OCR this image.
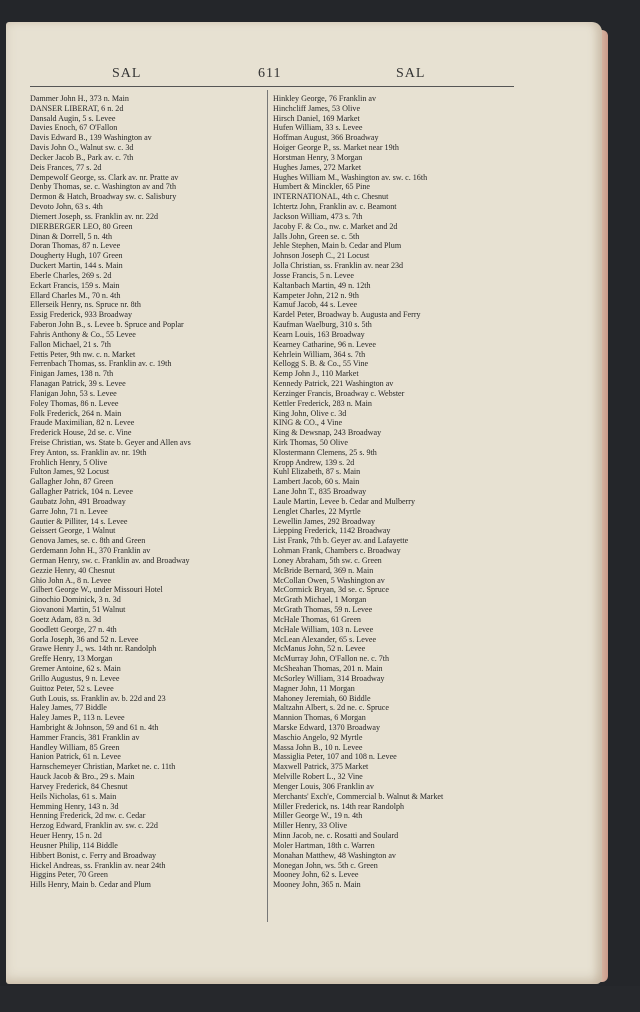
SAL	611	SAL
Dammer John H., 373 n. Main
DANSER LIBERAT, 6 n. 2d
Dansald Augin, 5 s. Levee
Davies Enoch, 67 O'Fallon
Davis Edward B., 139 Washington av
Davis John O., Walnut sw. c. 3d
Decker Jacob B., Park av. c. 7th
Deis Frances, 77 s. 2d
Dempewolf George, ss. Clark av. nr. Pratte av
Denby Thomas, se. c. Washington av and 7th
Dermon & Hatch, Broadway sw. c. Salisbury
Devoto John, 63 s. 4th
Diemert Joseph, ss. Franklin av. nr. 22d
DIERBERGER LEO, 80 Green
Dinan & Dorrell, 5 n. 4th
Doran Thomas, 87 n. Levee
Dougherty Hugh, 107 Green
Duckert Martin, 144 s. Main
Eberle Charles, 269 s. 2d
Eckart Francis, 159 s. Main
Ellard Charles M., 70 n. 4th
Ellerseik Henry, ns. Spruce nr. 8th
Essig Frederick, 933 Broadway
Faberon John B., s. Levee b. Spruce and Poplar
Fahris Anthony & Co., 55 Levee
Fallon Michael, 21 s. 7th
Fettis Peter, 9th nw. c. n. Market
Ferrenbach Thomas, ss. Franklin av. c. 19th
Finigan James, 138 n. 7th
Flanagan Patrick, 39 s. Levee
Flanigan John, 53 s. Levee
Foley Thomas, 86 n. Levee
Folk Frederick, 264 n. Main
Fraude Maximilian, 82 n. Levee
Frederick House, 2d se. c. Vine
Freise Christian, ws. State b. Geyer and Allen avs
Frey Anton, ss. Franklin av. nr. 19th
Frohlich Henry, 5 Olive
Fulton James, 92 Locust
Gallagher John, 87 Green
Gallagher Patrick, 104 n. Levee
Gaubatz John, 491 Broadway
Garre John, 71 n. Levee
Gautier & Pilliter, 14 s. Levee
Geissert George, 1 Walnut
Genova James, se. c. 8th and Green
Gerdemann John H., 370 Franklin av
German Henry, sw. c. Franklin av. and Broadway
Gezzie Henry, 40 Chesnut
Ghio John A., 8 n. Levee
Gilbert George W., under Missouri Hotel
Ginochio Dominick, 3 n. 3d
Giovanoni Martin, 51 Walnut
Goetz Adam, 83 n. 3d
Goodlett George, 27 n. 4th
Gorla Joseph, 36 and 52 n. Levee
Grawe Henry J., ws. 14th nr. Randolph
Greffe Henry, 13 Morgan
Gremer Antoine, 62 s. Main
Grillo Augustus, 9 n. Levee
Guittoz Peter, 52 s. Levee
Guth Louis, ss. Franklin av. b. 22d and 23
Haley James, 77 Biddle
Haley James P., 113 n. Levee
Hambright & Johnson, 59 and 61 n. 4th
Hammer Francis, 381 Franklin av
Handley William, 85 Green
Hanion Patrick, 61 n. Levee
Harnschemeyer Christian, Market ne. c. 11th
Hauck Jacob & Bro., 29 s. Main
Harvey Frederick, 84 Chesnut
Heils Nicholas, 61 s. Main
Hemming Henry, 143 n. 3d
Henning Frederick, 2d nw. c. Cedar
Herzog Edward, Franklin av. sw. c. 22d
Heuer Henry, 15 n. 2d
Heusner Philip, 114 Biddle
Hibbert Bonist, c. Ferry and Broadway
Hickel Andreas, ss. Franklin av. near 24th
Higgins Peter, 70 Green
Hills Henry, Main b. Cedar and Plum
Hinkley George, 76 Franklin av
Hinchcliff James, 53 Olive
Hirsch Daniel, 169 Market
Hufen William, 33 s. Levee
Hoffman August, 366 Broadway
Hoiger George P., ss. Market near 19th
Horstman Henry, 3 Morgan
Hughes James, 272 Market
Hughes William M., Washington av. sw. c. 16th
Humbert & Minckler, 65 Pine
INTERNATIONAL, 4th c. Chesnut
Ichtertz John, Franklin av. c. Beamont
Jackson William, 473 s. 7th
Jacoby F. & Co., nw. c. Market and 2d
Jalls John, Green se. c. 5th
Jehle Stephen, Main b. Cedar and Plum
Johnson Joseph C., 21 Locust
Jolla Christian, ss. Franklin av. near 23d
Josse Francis, 5 n. Levee
Kaltanbach Martin, 49 n. 12th
Kampeter John, 212 n. 9th
Kamuf Jacob, 44 s. Levee
Kardel Peter, Broadway b. Augusta and Ferry
Kaufman Waelburg, 310 s. 5th
Kearn Louis, 163 Broadway
Kearney Catharine, 96 n. Levee
Kehrlein William, 364 s. 7th
Kellogg S. B. & Co., 55 Vine
Kemp John J., 110 Market
Kennedy Patrick, 221 Washington av
Kerzinger Francis, Broadway c. Webster
Kettler Frederick, 283 n. Main
King John, Olive c. 3d
KING & CO., 4 Vine
King & Dewsnap, 243 Broadway
Kirk Thomas, 50 Olive
Klostermann Clemens, 25 s. 9th
Kropp Andrew, 139 s. 2d
Kuhl Elizabeth, 87 s. Main
Lambert Jacob, 60 s. Main
Lane John T., 835 Broadway
Laule Martin, Levee b. Cedar and Mulberry
Lenglet Charles, 22 Myrtle
Lewellin James, 292 Broadway
Liepping Frederick, 1142 Broadway
List Frank, 7th b. Geyer av. and Lafayette
Lohman Frank, Chambers c. Broadway
Loney Abraham, 5th sw. c. Green
McBride Bernard, 369 n. Main
McCollan Owen, 5 Washington av
McCormick Bryan, 3d se. c. Spruce
McGrath Michael, 1 Morgan
McGrath Thomas, 59 n. Levee
McHale Thomas, 61 Green
McHale William, 103 n. Levee
McLean Alexander, 65 s. Levee
McManus John, 52 n. Levee
McMurray John, O'Fallon ne. c. 7th
McSheahan Thomas, 201 n. Main
McSorley William, 314 Broadway
Magner John, 11 Morgan
Mahoney Jeremiah, 60 Biddle
Maltzahn Albert, s. 2d ne. c. Spruce
Mannion Thomas, 6 Morgan
Marske Edward, 1370 Broadway
Maschio Angelo, 92 Myrtle
Massa John B., 10 n. Levee
Massiglia Peter, 107 and 108 n. Levee
Maxwell Patrick, 375 Market
Melville Robert L., 32 Vine
Menger Louis, 306 Franklin av
Merchants' Exch'e, Commercial b. Walnut & Market
Miller Frederick, ns. 14th rear Randolph
Miller George W., 19 n. 4th
Miller Henry, 33 Olive
Minn Jacob, ne. c. Rosatti and Soulard
Moler Hartman, 18th c. Warren
Monahan Matthew, 48 Washington av
Monegan John, ws. 5th c. Green
Mooney John, 62 s. Levee
Mooney John, 365 n. Main
